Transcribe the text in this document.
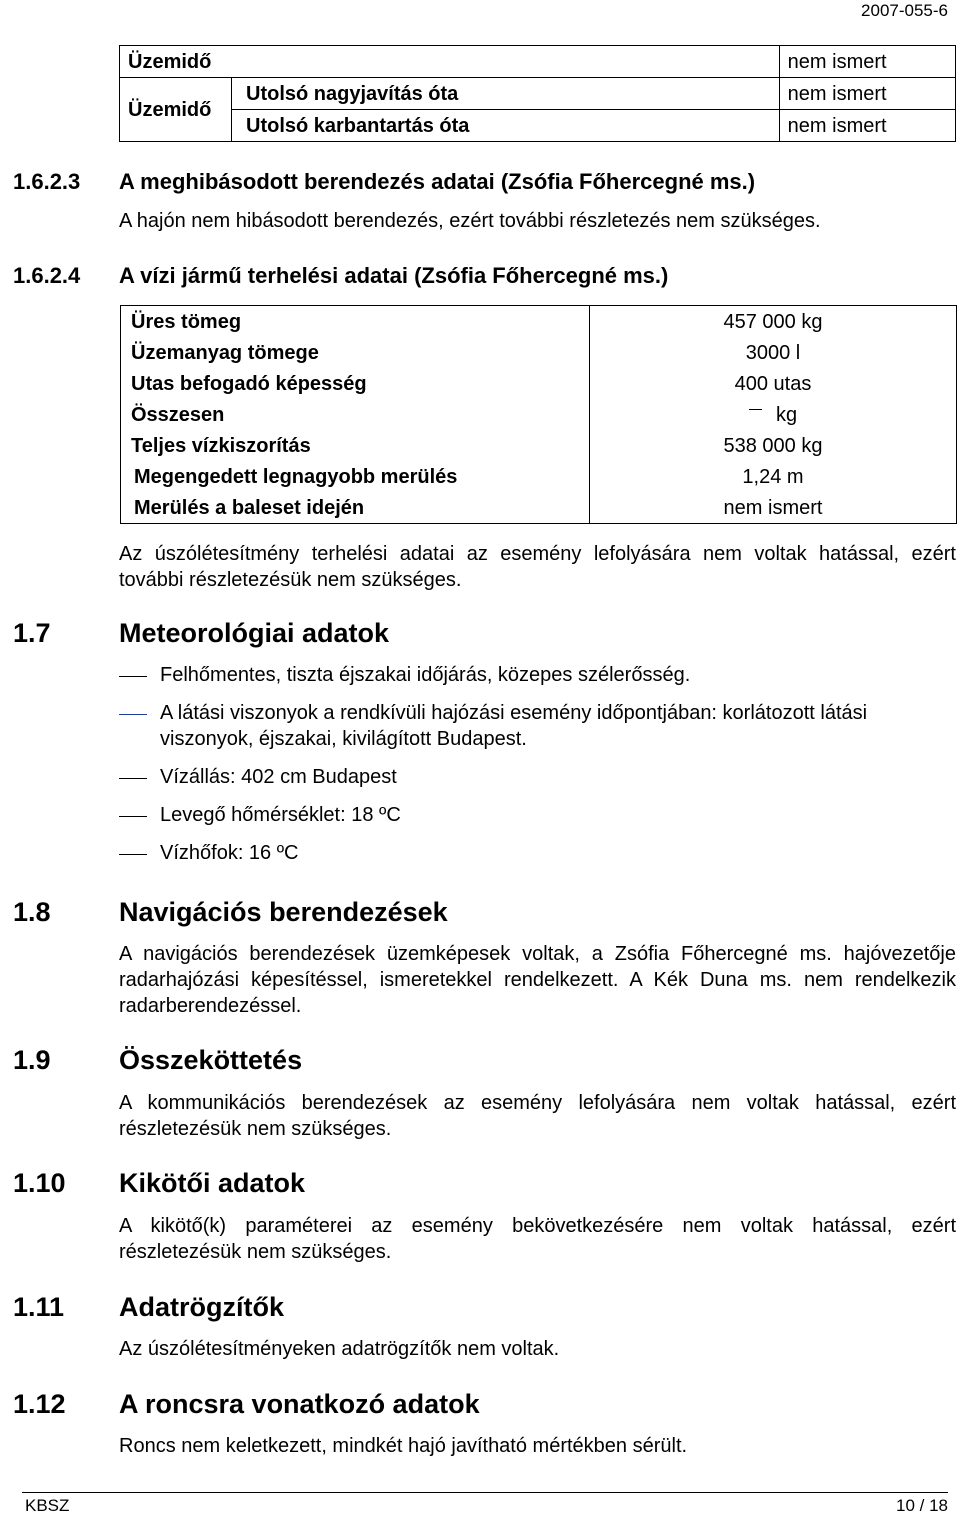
2007-055-6
Üzemidő		nem ismert
Üzemidő	Utolsó nagyjavítás óta	nem ismert
	Utolsó karbantartás óta	nem ismert
1.6.2.3 A meghibásodott berendezés adatai (Zsófia Főhercegné ms.)
A hajón nem hibásodott berendezés, ezért további részletezés nem szükséges.
1.6.2.4 A vízi jármű terhelési adatai (Zsófia Főhercegné ms.)
Üres tömeg	457 000 kg
Üzemanyag tömege	3000 l
Utas befogadó képesség	400 utas
Összesen	kg
Teljes vízkiszorítás	538 000 kg
Megengedett legnagyobb merülés	1,24 m
Merülés a baleset idején	nem ismert
Az úszólétesítmény terhelési adatai az esemény lefolyására nem voltak hatással, ezért további részletezésük nem szükséges.
1.7	Meteorológiai adatok
Felhőmentes, tiszta éjszakai időjárás, közepes szélerősség.
A látási viszonyok a rendkívüli hajózási esemény időpontjában: korlátozott látási viszonyok, éjszakai, kivilágított Budapest.
Vízállás: 402 cm Budapest
Levegő hőmérséklet: 18 ºC
Vízhőfok: 16 ºC
1.8	Navigációs berendezések
A navigációs berendezések üzemképesek voltak, a Zsófia Főhercegné ms. hajóvezetője radarhajózási képesítéssel, ismeretekkel rendelkezett. A Kék Duna ms. nem rendelkezik radarberendezéssel.
1.9	Összeköttetés
A kommunikációs berendezések az esemény lefolyására nem voltak hatással, ezért részletezésük nem szükséges.
1.10 Kikötői adatok
A kikötő(k) paraméterei az esemény bekövetkezésére nem voltak hatással, ezért részletezésük nem szükséges.
1.11 Adatrögzítők
Az úszólétesítményeken adatrögzítők nem voltak.
1.12 A roncsra vonatkozó adatok
Roncs nem keletkezett, mindkét hajó javítható mértékben sérült.
KBSZ	10 / 18
